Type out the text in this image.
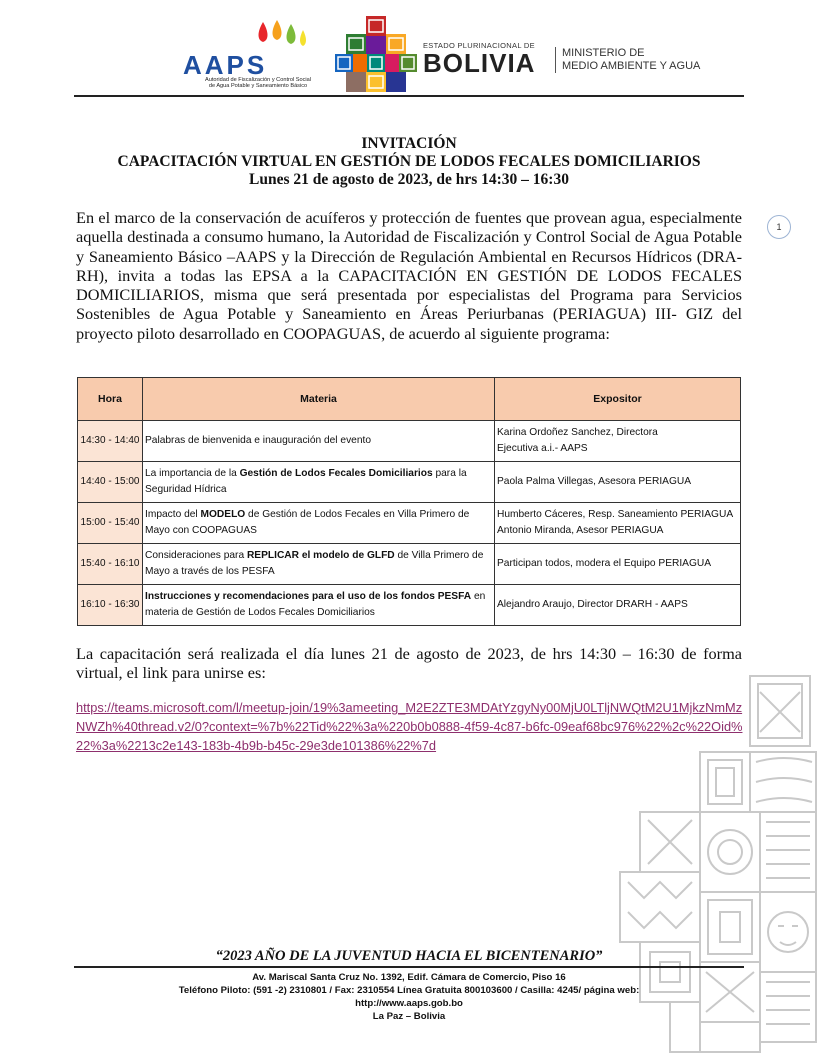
AAPS
Autoridad de Fiscalización y Control Social
de Agua Potable y Saneamiento Básico
ESTADO PLURINACIONAL DE
BOLIVIA MINISTERIO DE
MEDIO AMBIENTE Y AGUA
INVITACIÓN
CAPACITACIÓN VIRTUAL EN GESTIÓN DE LODOS FECALES DOMICILIARIOS
Lunes 21 de agosto de 2023, de hrs 14:30 – 16:30
1
En el marco de la conservación de acuíferos y protección de fuentes que provean agua, especialmente aquella destinada a consumo humano, la Autoridad de Fiscalización y Control Social de Agua Potable y Saneamiento Básico –AAPS y la Dirección de Regulación Ambiental en Recursos Hídricos (DRA-RH), invita a todas las EPSA a la CAPACITACIÓN EN GESTIÓN DE LODOS FECALES DOMICILIARIOS, misma que será presentada por especialistas del Programa para Servicios Sostenibles de Agua Potable y Saneamiento en Áreas Periurbanas (PERIAGUA) III- GIZ del proyecto piloto desarrollado en COOPAGUAS, de acuerdo al siguiente programa:
Hora	Materia	Expositor
14:30 - 14:40	Palabras de bienvenida e inauguración del evento	Karina Ordoñez Sanchez, Directora
Ejecutiva a.i.- AAPS

14:40 - 15:00	La importancia de la Gestión de Lodos Fecales Domiciliarios para la Seguridad Hídrica	Paola Palma Villegas, Asesora PERIAGUA

15:00 - 15:40	Impacto del MODELO de Gestión de Lodos Fecales en Villa Primero de Mayo con COOPAGUAS	Humberto Cáceres, Resp. Saneamiento PERIAGUA
Antonio Miranda, Asesor PERIAGUA

15:40 - 16:10	Consideraciones para REPLICAR el modelo de GLFD de Villa Primero de Mayo a través de los PESFA	Participan todos, modera el Equipo PERIAGUA

16:10 - 16:30	Instrucciones y recomendaciones para el uso de los fondos PESFA en materia de Gestión de Lodos Fecales Domiciliarios	Alejandro Araujo, Director DRARH - AAPS
La capacitación será realizada el día lunes 21 de agosto de 2023, de hrs 14:30 – 16:30 de forma virtual, el link para unirse es:
https://teams.microsoft.com/l/meetup-join/19%3ameeting_M2E2ZTE3MDAtYzgyNy00MjU0LTljNWQtM2U1MjkzNmMzNWZh%40thread.v2/0?context=%7b%22Tid%22%3a%220b0b0888-4f59-4c87-b6fc-09eaf68bc976%22%2c%22Oid%22%3a%2213c2e143-183b-4b9b-b45c-29e3de101386%22%7d
“2023 AÑO DE LA JUVENTUD HACIA EL BICENTENARIO”
Av. Mariscal Santa Cruz No. 1392, Edif. Cámara de Comercio, Piso 16
Teléfono Piloto: (591 -2) 2310801 / Fax: 2310554 Línea Gratuita 800103600 / Casilla: 4245/ página web:
http://www.aaps.gob.bo
La Paz – Bolivia
